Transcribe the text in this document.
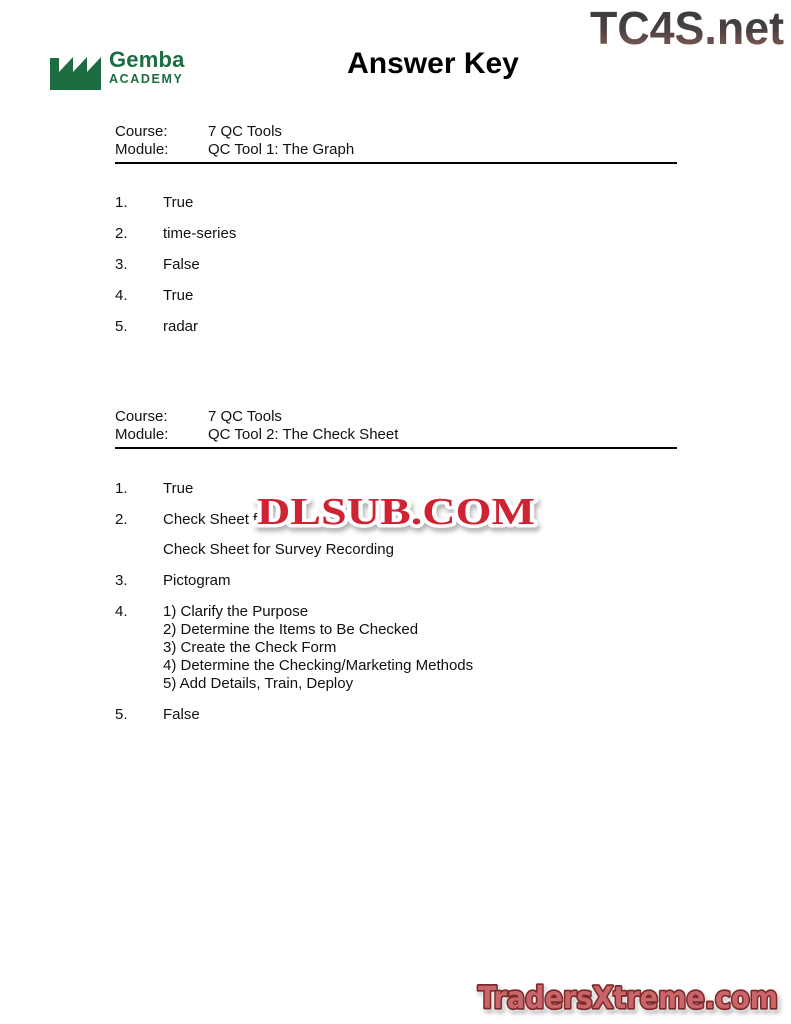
TC4S.net
Gemba
ACADEMY	Answer Key
Course:	7 QC Tools
Module:	QC Tool 1: The Graph
1.	True
2.	time-series
3.	False
4.	True
5.	radar
Course:	7 QC Tools
Module:	QC Tool 2: The Check Sheet
1.	True
2.	Check Sheet f
Check Sheet for Survey Recording
3.	Pictogram
4.	1) Clarify the Purpose
2) Determine the Items to Be Checked
3) Create the Check Form
4) Determine the Checking/Marketing Methods
5) Add Details, Train, Deploy
5.	False
DLSUB.COM
TradersXtreme.com
